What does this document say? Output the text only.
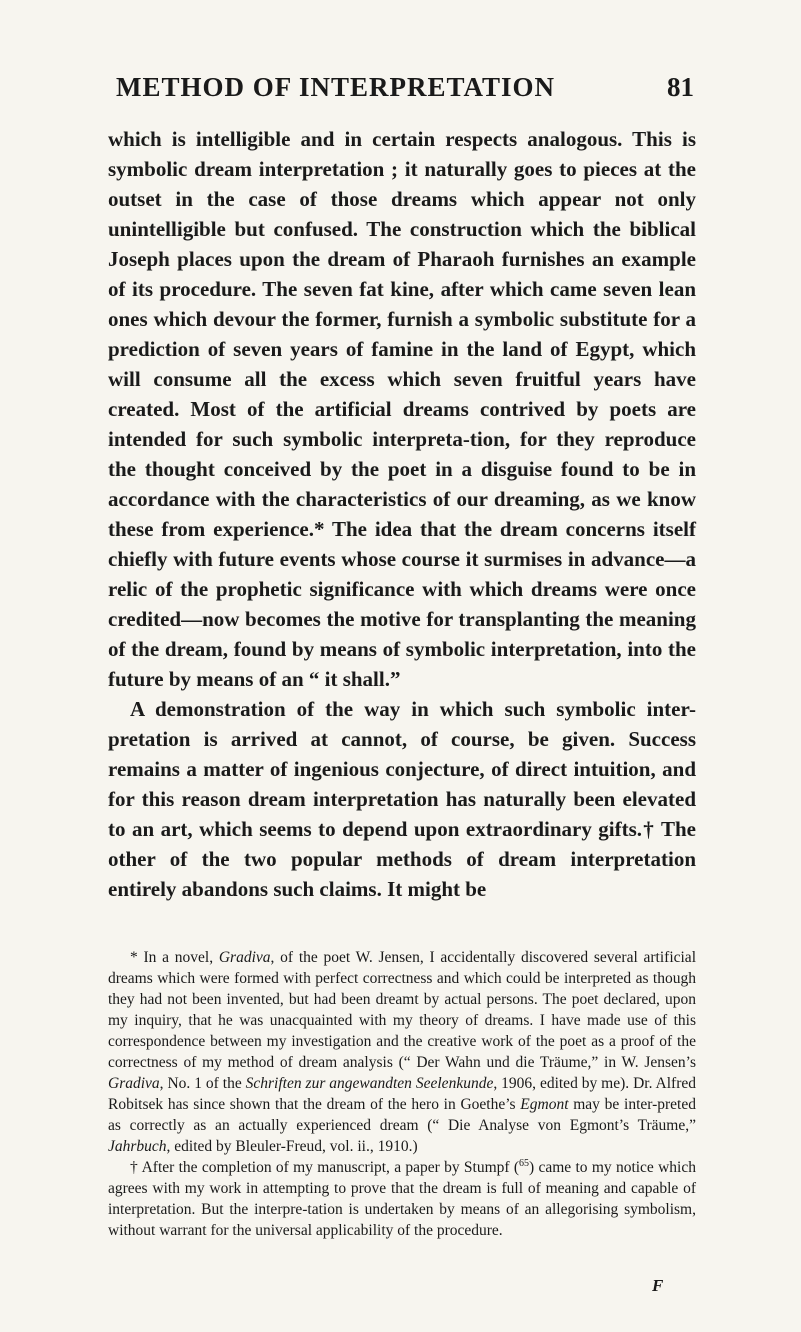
METHOD OF INTERPRETATION	81

which is intelligible and in certain respects analogous. This is symbolic dream interpretation ; it naturally goes to pieces at the outset in the case of those dreams which appear not only unintelligible but confused. The construction which the biblical Joseph places upon the dream of Pharaoh furnishes an example of its procedure. The seven fat kine, after which came seven lean ones which devour the former, furnish a symbolic substitute for a prediction of seven years of famine in the land of Egypt, which will consume all the excess which seven fruitful years have created. Most of the artificial dreams contrived by poets are intended for such symbolic interpreta-tion, for they reproduce the thought conceived by the poet in a disguise found to be in accordance with the characteristics of our dreaming, as we know these from experience.* The idea that the dream concerns itself chiefly with future events whose course it surmises in advance—a relic of the prophetic significance with which dreams were once credited—now becomes the motive for transplanting the meaning of the dream, found by means of symbolic interpretation, into the future by means of an “ it shall.”

A demonstration of the way in which such symbolic inter-pretation is arrived at cannot, of course, be given. Success remains a matter of ingenious conjecture, of direct intuition, and for this reason dream interpretation has naturally been elevated to an art, which seems to depend upon extraordinary gifts.† The other of the two popular methods of dream interpretation entirely abandons such claims. It might be

* In a novel, Gradiva, of the poet W. Jensen, I accidentally discovered several artificial dreams which were formed with perfect correctness and which could be interpreted as though they had not been invented, but had been dreamt by actual persons. The poet declared, upon my inquiry, that he was unacquainted with my theory of dreams. I have made use of this correspondence between my investigation and the creative work of the poet as a proof of the correctness of my method of dream analysis (“ Der Wahn und die Träume,” in W. Jensen’s Gradiva, No. 1 of the Schriften zur angewandten Seelenkunde, 1906, edited by me). Dr. Alfred Robitsek has since shown that the dream of the hero in Goethe’s Egmont may be inter-preted as correctly as an actually experienced dream (“ Die Analyse von Egmont’s Träume,” Jahrbuch, edited by Bleuler-Freud, vol. ii., 1910.)

† After the completion of my manuscript, a paper by Stumpf ($^{65}$) came to my notice which agrees with my work in attempting to prove that the dream is full of meaning and capable of interpretation. But the interpre-tation is undertaken by means of an allegorising symbolism, without warrant for the universal applicability of the procedure.

F
